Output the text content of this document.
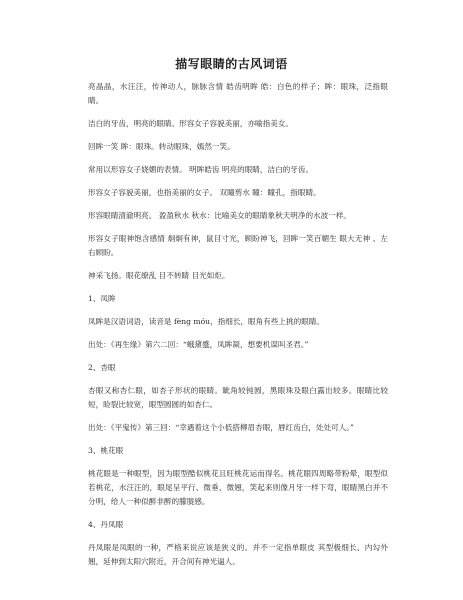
描写眼睛的古风词语
亮晶晶，水汪汪，传神动人，脉脉含情 皓齿明眸 皓：白色的样子；眸：眼珠，泛指眼睛。
洁白的牙齿，明亮的眼睛。形容女子容貌美丽，亦喻指美女。
回眸一笑 眸：眼珠。转动眼珠，嫣然一笑。
常用以形容女子娆媚的表情。 明眸皓齿 明亮的眼睛，洁白的牙齿。
形容女子容貌美丽，也指美丽的女子。 双瞳剪水 瞳：瞳孔，指眼睛。
形容眼睛清澈明亮。 盈盈秋水 秋水：比喻美女的眼睛象秋天明净的水波一样。
形容女子眼神饱含感情 炯炯有神，鼠目寸光，顾盼神飞，回眸一笑百媚生 眼大无神 、左右顾盼。
神采飞扬。眼花缭乱 目不转睛 目光如炬。
1、凤眸
凤眸是汉语词语，读音是 fèng móu，指细长，眼角有些上挑的眼睛。
出处：《再生缘》第六二回：“蛾黛蹙，凤眸凝，想要机谋叫圣君。”
2、杏眼
杏眼又称杏仁眼，如杏子形状的眼睛。眦角较钝圆，黑眼珠及眼白露出较多。眼睛比较短，睑裂比较宽，眼型圆圆的如杏仁。
出处：《平鬼传》第三回：“幸遇着这个小低搭柳眉杏眼，唇红齿白，处处可人。”
3、桃花眼
桃花眼是一种眼型，因为眼型酷似桃花且旺桃花运而得名。桃花眼四周略带粉晕，眼型似若桃花，水汪汪的，眼尾呈平行、微垂、微翘，笑起来则像月牙一样下弯，眼睛黑白并不分明，给人一种似醉非醉的朦胧感。
4、丹凤眼
丹凤眼是凤眼的一种，严格来说应该是狭义的。并不一定指单眼皮 其型极细长、内勾外翘，延伸到太阳穴附近，开合间有神光逼人。
